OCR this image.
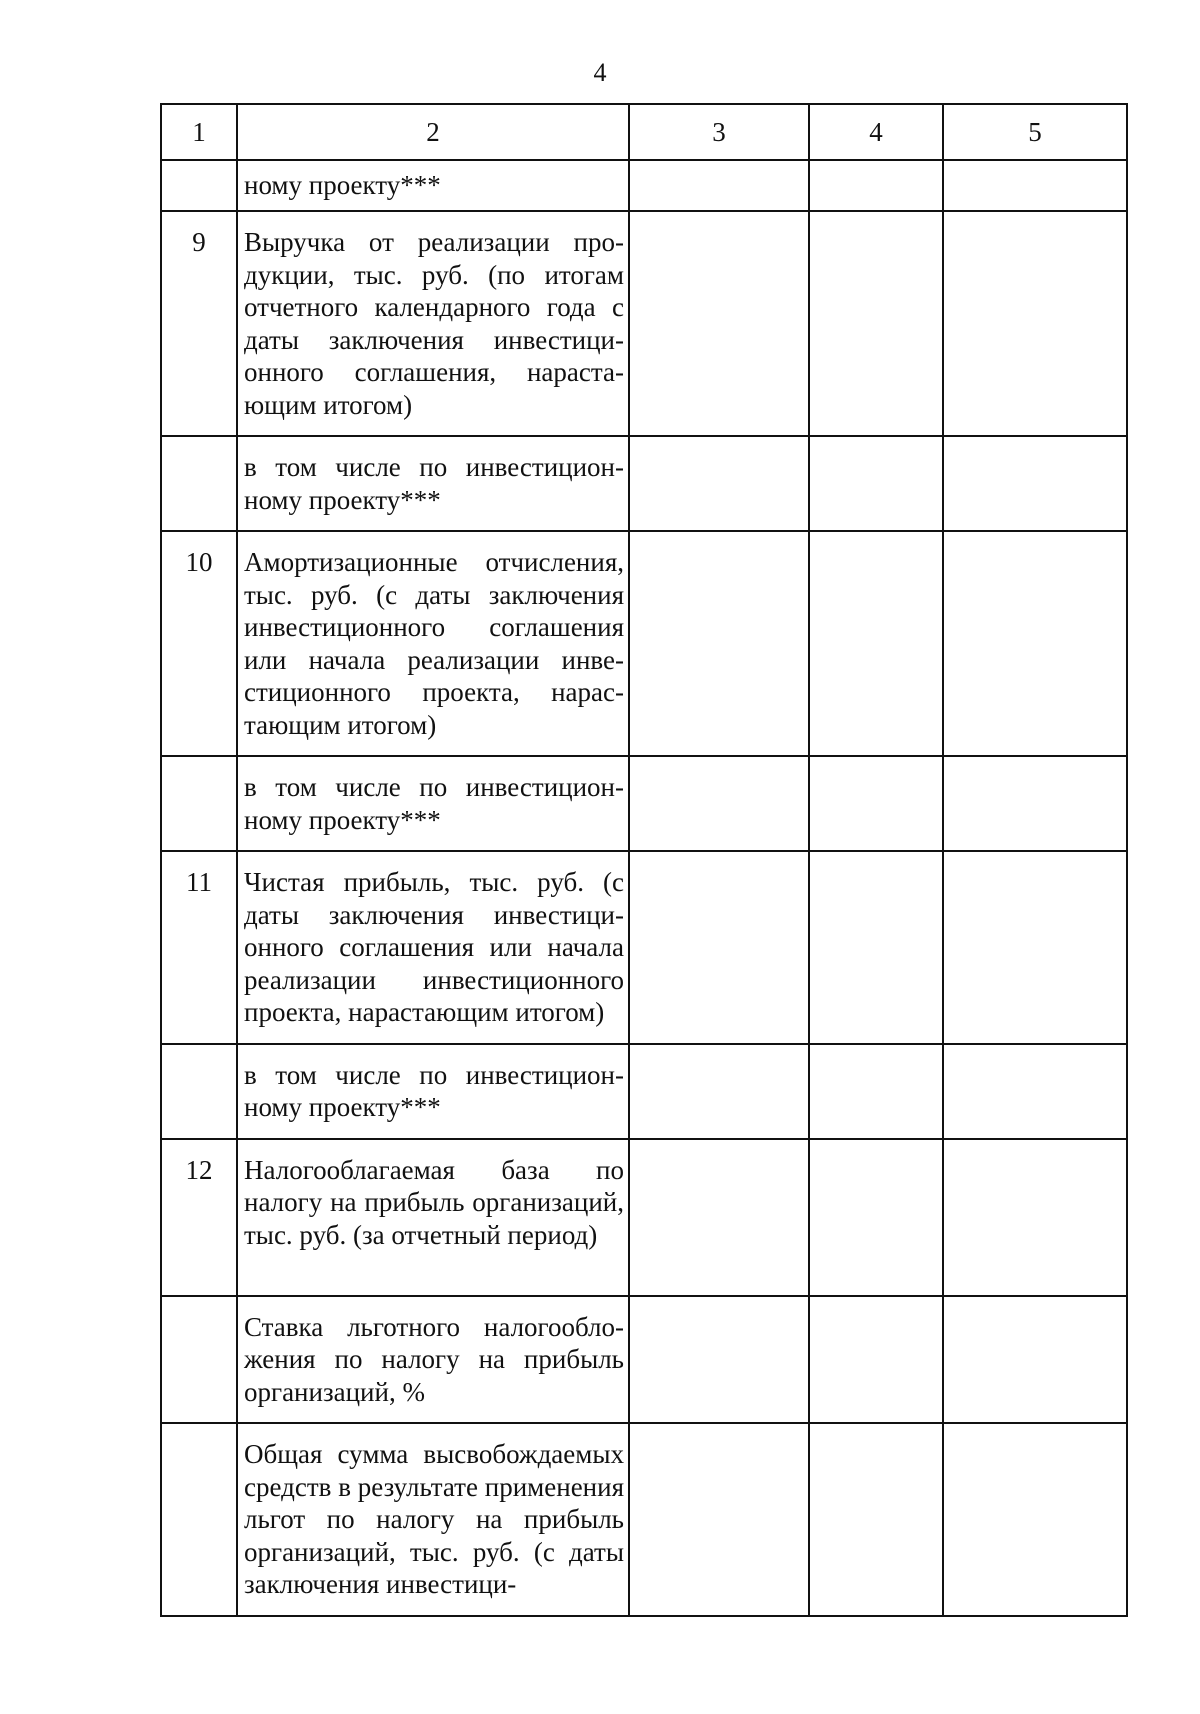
4
1	2	3	4	5
	ному проекту***			
9	Выручка от реализации продукции, тыс. руб. (по итогам отчетного календарного года с даты заключения инвестиционного соглашения, нарастающим итогом)			
	в том числе по инвестиционному проекту***			
10	Амортизационные отчисления, тыс. руб. (с даты заключения инвестиционного соглашения или начала реализации инвестиционного проекта, нарастающим итогом)			
	в том числе по инвестиционному проекту***			
11	Чистая прибыль, тыс. руб. (с даты заключения инвестиционного соглашения или начала реализации инвестиционного проекта, нарастающим итогом)			
	в том числе по инвестиционному проекту***			
12	Налогооблагаемая база по налогу на прибыль организаций, тыс. руб. (за отчетный период)			
	Ставка льготного налогообложения по налогу на прибыль организаций, %			
	Общая сумма высвобождаемых средств в результате применения льгот по налогу на прибыль организаций, тыс. руб. (с даты заключения инвестици-			
